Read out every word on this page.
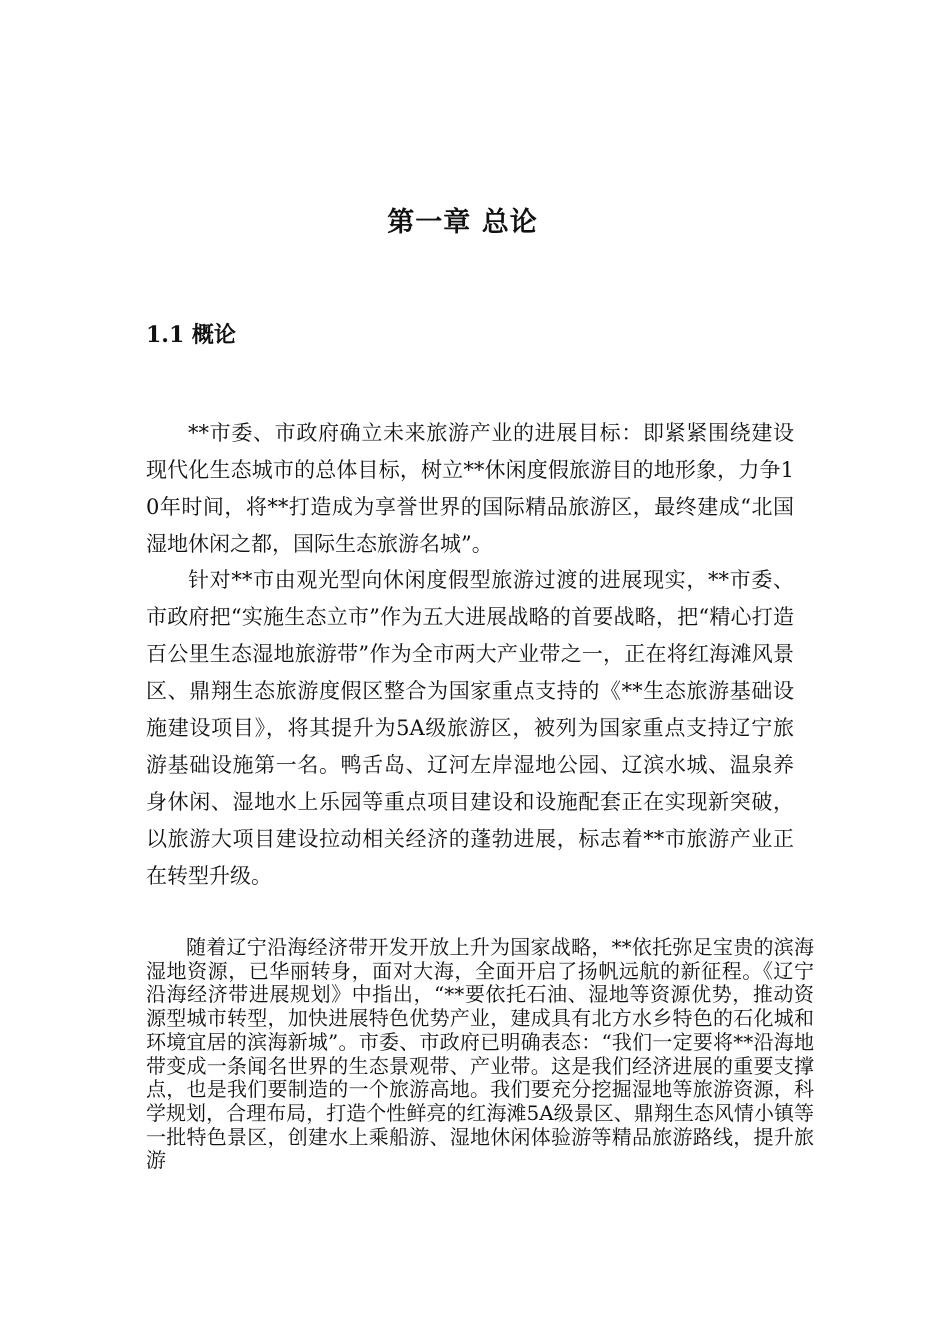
第一章 总论
1.1 概论

**市委、市政府确立未来旅游产业的进展目标：即紧紧围绕建设现代化生态城市的总体目标，树立**休闲度假旅游目的地形象，力争10年时间，将**打造成为享誉世界的国际精品旅游区，最终建成“北国湿地休闲之都，国际生态旅游名城”。

针对**市由观光型向休闲度假型旅游过渡的进展现实，**市委、市政府把“实施生态立市”作为五大进展战略的首要战略，把“精心打造百公里生态湿地旅游带”作为全市两大产业带之一，正在将红海滩风景区、鼎翔生态旅游度假区整合为国家重点支持的《**生态旅游基础设施建设项目》，将其提升为5A级旅游区，被列为国家重点支持辽宁旅游基础设施第一名。鸭舌岛、辽河左岸湿地公园、辽滨水城、温泉养身休闲、湿地水上乐园等重点项目建设和设施配套正在实现新突破，以旅游大项目建设拉动相关经济的蓬勃进展，标志着**市旅游产业正在转型升级。

随着辽宁沿海经济带开发开放上升为国家战略，**依托弥足宝贵的滨海湿地资源，已华丽转身，面对大海，全面开启了扬帆远航的新征程。《辽宁沿海经济带进展规划》中指出，“**要依托石油、湿地等资源优势，推动资源型城市转型，加快进展特色优势产业，建成具有北方水乡特色的石化城和环境宜居的滨海新城”。市委、市政府已明确表态：“我们一定要将**沿海地带变成一条闻名世界的生态景观带、产业带。这是我们经济进展的重要支撑点，也是我们要制造的一个旅游高地。我们要充分挖掘湿地等旅游资源，科学规划，合理布局，打造个性鲜亮的红海滩5A级景区、鼎翔生态风情小镇等一批特色景区，创建水上乘船游、湿地休闲体验游等精品旅游路线，提升旅游
